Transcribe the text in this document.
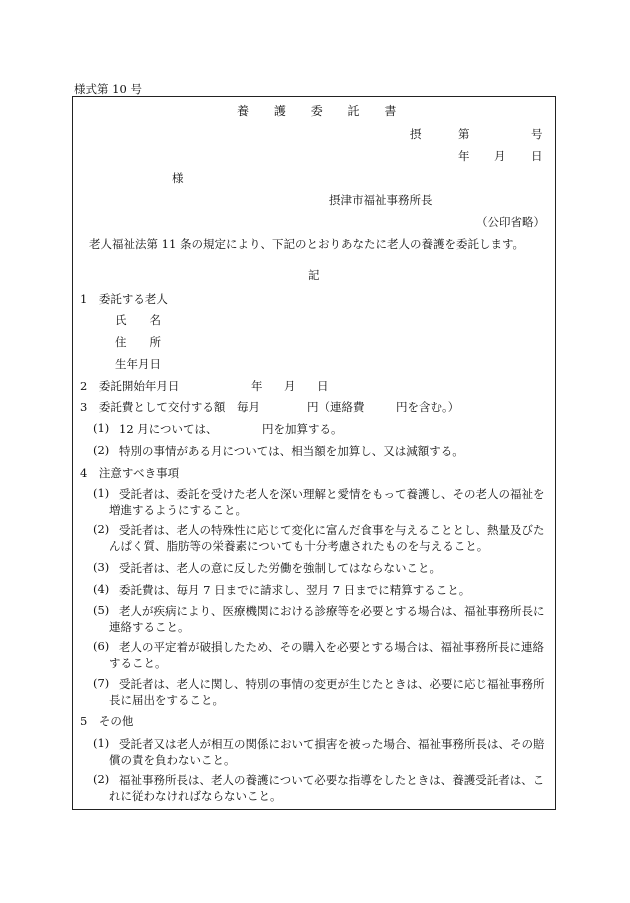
様式第 10 号
養 護 委 託 書
摂	第	号
年 月 日
様
摂津市福祉事務所長
（公印省略）
老人福祉法第 11 条の規定により、下記のとおりあなたに老人の養護を委託します。
記
1　委託する老人
氏　　名
住　　所
生年月日
2　委託開始年月日	年 月 日
3　委託費として交付する額 毎月	円（連絡費	円を含む。）
(1) 12 月については、	円を加算する。
(2) 特別の事情がある月については、相当額を加算し、又は減額する。
4　注意すべき事項
(1) 受託者は、委託を受けた老人を深い理解と愛情をもって養護し、その老人の福祉を
増進するようにすること。
(2) 受託者は、老人の特殊性に応じて変化に富んだ食事を与えることとし、熱量及びた
んぱく質、脂肪等の栄養素についても十分考慮されたものを与えること。
(3) 受託者は、老人の意に反した労働を強制してはならないこと。
(4) 委託費は、毎月 7 日までに請求し、翌月 7 日までに精算すること。
(5) 老人が疾病により、医療機関における診療等を必要とする場合は、福祉事務所長に
連絡すること。
(6) 老人の平定着が破損したため、その購入を必要とする場合は、福祉事務所長に連絡
すること。
(7) 受託者は、老人に関し、特別の事情の変更が生じたときは、必要に応じ福祉事務所
長に届出をすること。
5　その他
(1) 受託者又は老人が相互の関係において損害を被った場合、福祉事務所長は、その賠
償の責を負わないこと。
(2) 福祉事務所長は、老人の養護について必要な指導をしたときは、養護受託者は、こ
れに従わなければならないこと。
